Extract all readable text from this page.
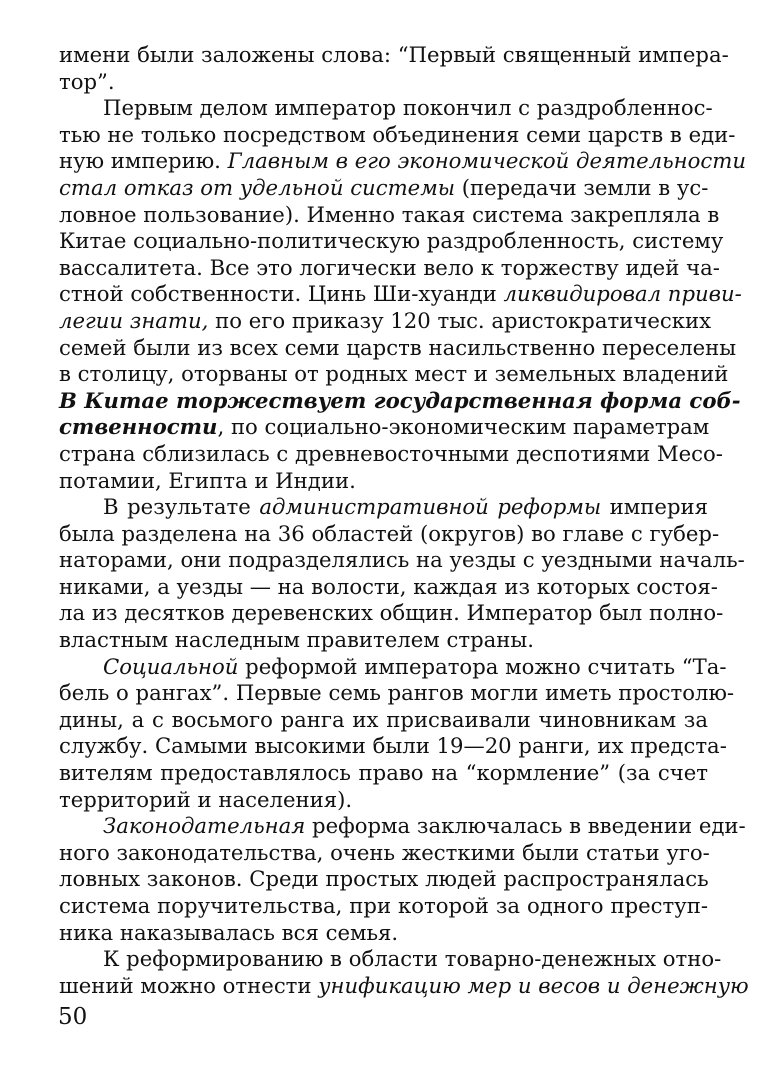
имени были заложены слова: “Первый священный импера-
тор”.
Первым делом император покончил с раздробленнос-
тью не только посредством объединения семи царств в еди-
ную империю. Главным в его экономической деятельности
стал отказ от удельной системы (передачи земли в ус-
ловное пользование). Именно такая система закрепляла в
Китае социально-политическую раздробленность, систему
вассалитета. Все это логически вело к торжеству идей ча-
стной собственности. Цинь Ши-хуанди ликвидировал приви-
легии знати, по его приказу 120 тыс. аристократических
семей были из всех семи царств насильственно переселены
в столицу, оторваны от родных мест и земельных владений
В Китае торжествует государственная форма соб-
ственности, по социально-экономическим параметрам
страна сблизилась с древневосточными деспотиями Месо-
потамии, Египта и Индии.
В результате административной реформы империя
была разделена на 36 областей (округов) во главе с губер-
наторами, они подразделялись на уезды с уездными началь-
никами, а уезды — на волости, каждая из которых состоя-
ла из десятков деревенских общин. Император был полно-
властным наследным правителем страны.
Социальной реформой императора можно считать “Та-
бель о рангах”. Первые семь рангов могли иметь простолю-
дины, а с восьмого ранга их присваивали чиновникам за
службу. Самыми высокими были 19—20 ранги, их предста-
вителям предоставлялось право на “кормление” (за счет
территорий и населения).
Законодательная реформа заключалась в введении еди-
ного законодательства, очень жесткими были статьи уго-
ловных законов. Среди простых людей распространялась
система поручительства, при которой за одного преступ-
ника наказывалась вся семья.
К реформированию в области товарно-денежных отно-
шений можно отнести унификацию мер и весов и денежную
50
